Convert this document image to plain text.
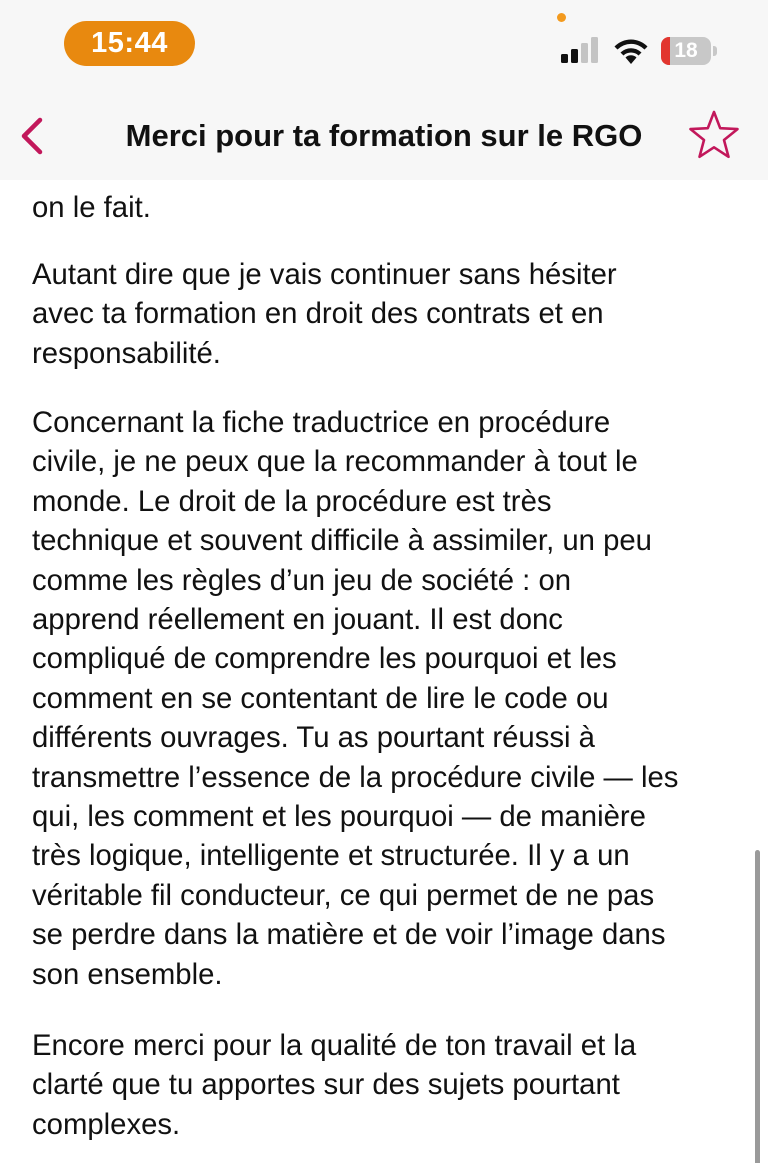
15:44	18
Merci pour ta formation sur le RGO
on le fait.
Autant dire que je vais continuer sans hésiter
avec ta formation en droit des contrats et en
responsabilité.
Concernant la fiche traductrice en procédure
civile, je ne peux que la recommander à tout le
monde. Le droit de la procédure est très
technique et souvent difficile à assimiler, un peu
comme les règles d’un jeu de société : on
apprend réellement en jouant. Il est donc
compliqué de comprendre les pourquoi et les
comment en se contentant de lire le code ou
différents ouvrages. Tu as pourtant réussi à
transmettre l’essence de la procédure civile — les
qui, les comment et les pourquoi — de manière
très logique, intelligente et structurée. Il y a un
véritable fil conducteur, ce qui permet de ne pas
se perdre dans la matière et de voir l’image dans
son ensemble.
Encore merci pour la qualité de ton travail et la
clarté que tu apportes sur des sujets pourtant
complexes.
